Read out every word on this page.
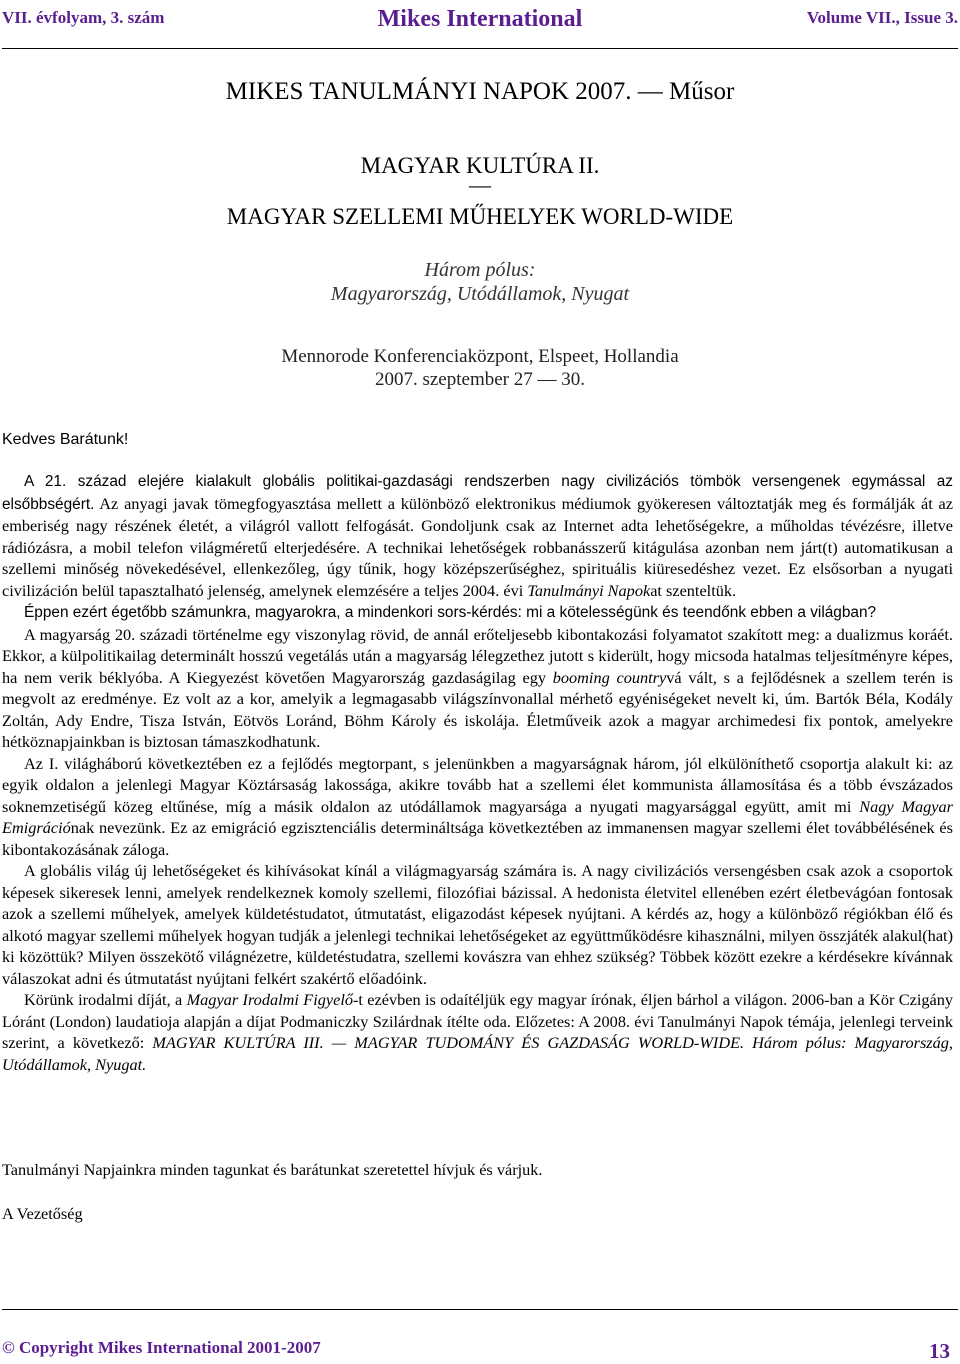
VII. évfolyam, 3. szám	Mikes International	Volume VII., Issue 3.
MIKES TANULMÁNYI NAPOK 2007. — Műsor
MAGYAR KULTÚRA II.
—
MAGYAR SZELLEMI MŰHELYEK WORLD-WIDE
Három pólus:
Magyarország, Utódállamok, Nyugat
Mennorode Konferenciaközpont, Elspeet, Hollandia
2007. szeptember 27 — 30.
Kedves Barátunk!

A 21. század elejére kialakult globális politikai-gazdasági rendszerben nagy civilizációs tömbök versengenek egymással az elsőbbségért. Az anyagi javak tömegfogyasztása mellett a különböző elektronikus médiumok gyökeresen változtatják meg és formálják át az emberiség nagy részének életét, a világról vallott felfogását. Gondoljunk csak az Internet adta lehetőségekre, a műholdas tévézésre, illetve rádiózásra, a mobil telefon világméretű elterjedésére. A technikai lehetőségek robbanásszerű kitágulása azonban nem járt(t) automatikusan a szellemi minőség növekedésével, ellenkezőleg, úgy tűnik, hogy középszerűséghez, spirituális kiüresedéshez vezet. Ez elsősorban a nyugati civilizáción belül tapasztalható jelenség, amelynek elemzésére a teljes 2004. évi Tanulmányi Napokat szenteltük.

Éppen ezért égetőbb számunkra, magyarokra, a mindenkori sors-kérdés: mi a kötelességünk és teendőnk ebben a világban?

A magyarság 20. századi történelme egy viszonylag rövid, de annál erőteljesebb kibontakozási folyamatot szakított meg: a dualizmus koráét. Ekkor, a külpolitikailag determinált hosszú vegetálás után a magyarság lélegzethez jutott s kiderült, hogy micsoda hatalmas teljesítményre képes, ha nem verik béklyóba. A Kiegyezést követően Magyarország gazdaságilag egy booming countryvá vált, s a fejlődésnek a szellem terén is megvolt az eredménye. Ez volt az a kor, amelyik a legmagasabb világszínvonallal mérhető egyéniségeket nevelt ki, úm. Bartók Béla, Kodály Zoltán, Ady Endre, Tisza István, Eötvös Loránd, Böhm Károly és iskolája. Életműveik azok a magyar archimedesi fix pontok, amelyekre hétköznapjainkban is biztosan támaszkodhatunk.

Az I. világháború következtében ez a fejlődés megtorpant, s jelenünkben a magyarságnak három, jól elkülöníthető csoportja alakult ki: az egyik oldalon a jelenlegi Magyar Köztársaság lakossága, akikre tovább hat a szellemi élet kommunista államosítása és a több évszázados soknemzetiségű közeg eltűnése, míg a másik oldalon az utódállamok magyarsága a nyugati magyarsággal együtt, amit mi Nagy Magyar Emigrációnak nevezünk. Ez az emigráció egzisztenciális determináltsága következtében az immanensen magyar szellemi élet továbbélésének és kibontakozásának záloga.

A globális világ új lehetőségeket és kihívásokat kínál a világmagyarság számára is. A nagy civilizációs versengésben csak azok a csoportok képesek sikeresek lenni, amelyek rendelkeznek komoly szellemi, filozófiai bázissal. A hedonista életvitel ellenében ezért életbevágóan fontosak azok a szellemi műhelyek, amelyek küldetéstudatot, útmutatást, eligazodást képesek nyújtani. A kérdés az, hogy a különböző régiókban élő és alkotó magyar szellemi műhelyek hogyan tudják a jelenlegi technikai lehetőségeket az együttműködésre kihasználni, milyen összjáték alakul(hat) ki közöttük? Milyen összekötő világnézetre, küldetéstudatra, szellemi kovászra van ehhez szükség? Többek között ezekre a kérdésekre kívánnak válaszokat adni és útmutatást nyújtani felkért szakértő előadóink.

Körünk irodalmi díját, a Magyar Irodalmi Figyelő-t ezévben is odaítéljük egy magyar írónak, éljen bárhol a világon. 2006-ban a Kör Czigány Lóránt (London) laudatioja alapján a díjat Podmaniczky Szilárdnak ítélte oda. Előzetes: A 2008. évi Tanulmányi Napok témája, jelenlegi terveink szerint, a következő: MAGYAR KULTÚRA III. — MAGYAR TUDOMÁNY ÉS GAZDASÁG WORLD-WIDE. Három pólus: Magyarország, Utódállamok, Nyugat.

Tanulmányi Napjainkra minden tagunkat és barátunkat szeretettel hívjuk és várjuk.
A Vezetőség
© Copyright Mikes International 2001-2007	13
